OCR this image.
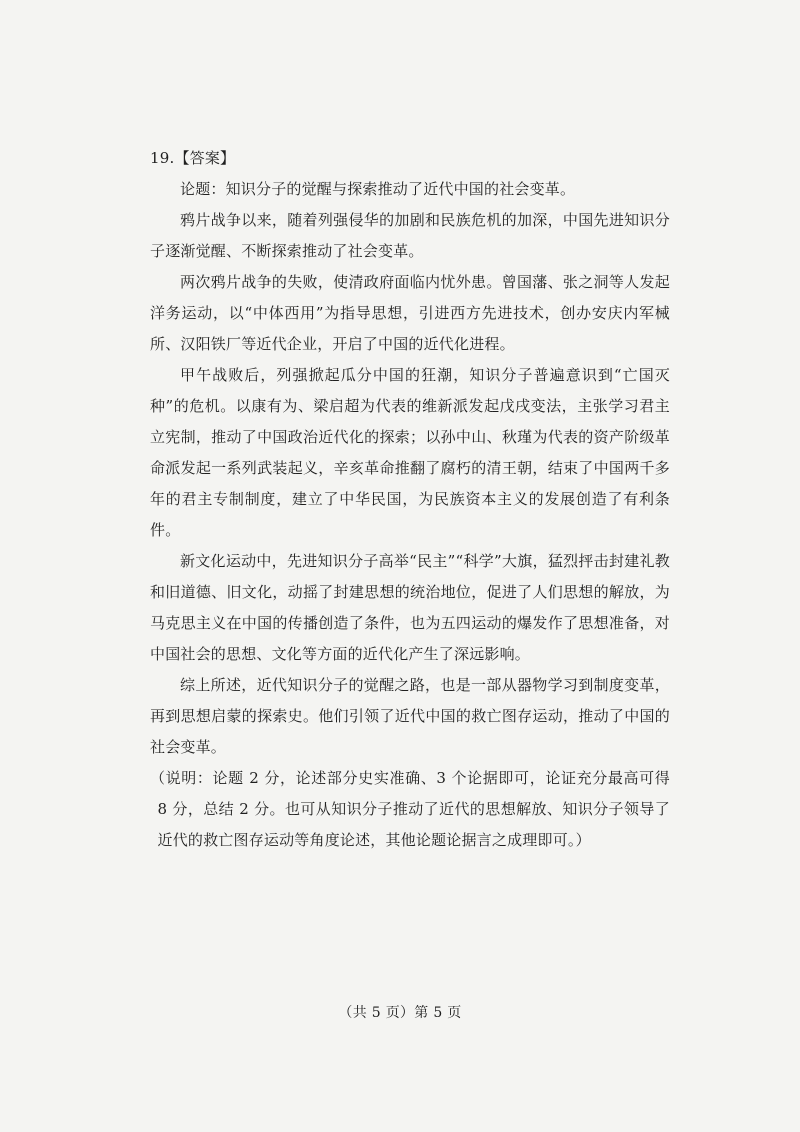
19.【答案】

论题：知识分子的觉醒与探索推动了近代中国的社会变革。

鸦片战争以来，随着列强侵华的加剧和民族危机的加深，中国先进知识分子逐渐觉醒、不断探索推动了社会变革。

两次鸦片战争的失败，使清政府面临内忧外患。曾国藩、张之洞等人发起洋务运动，以“中体西用”为指导思想，引进西方先进技术，创办安庆内军械所、汉阳铁厂等近代企业，开启了中国的近代化进程。

甲午战败后，列强掀起瓜分中国的狂潮，知识分子普遍意识到“亡国灭种”的危机。以康有为、梁启超为代表的维新派发起戊戌变法，主张学习君主立宪制，推动了中国政治近代化的探索；以孙中山、秋瑾为代表的资产阶级革命派发起一系列武装起义，辛亥革命推翻了腐朽的清王朝，结束了中国两千多年的君主专制制度，建立了中华民国，为民族资本主义的发展创造了有利条件。

新文化运动中，先进知识分子高举“民主”“科学”大旗，猛烈抨击封建礼教和旧道德、旧文化，动摇了封建思想的统治地位，促进了人们思想的解放，为马克思主义在中国的传播创造了条件，也为五四运动的爆发作了思想准备，对中国社会的思想、文化等方面的近代化产生了深远影响。

综上所述，近代知识分子的觉醒之路，也是一部从器物学习到制度变革，再到思想启蒙的探索史。他们引领了近代中国的救亡图存运动，推动了中国的社会变革。

（说明：论题 2 分，论述部分史实准确、3 个论据即可，论证充分最高可得 8 分，总结 2 分。也可从知识分子推动了近代的思想解放、知识分子领导了近代的救亡图存运动等角度论述，其他论题论据言之成理即可。）

（共 5 页）第 5 页
